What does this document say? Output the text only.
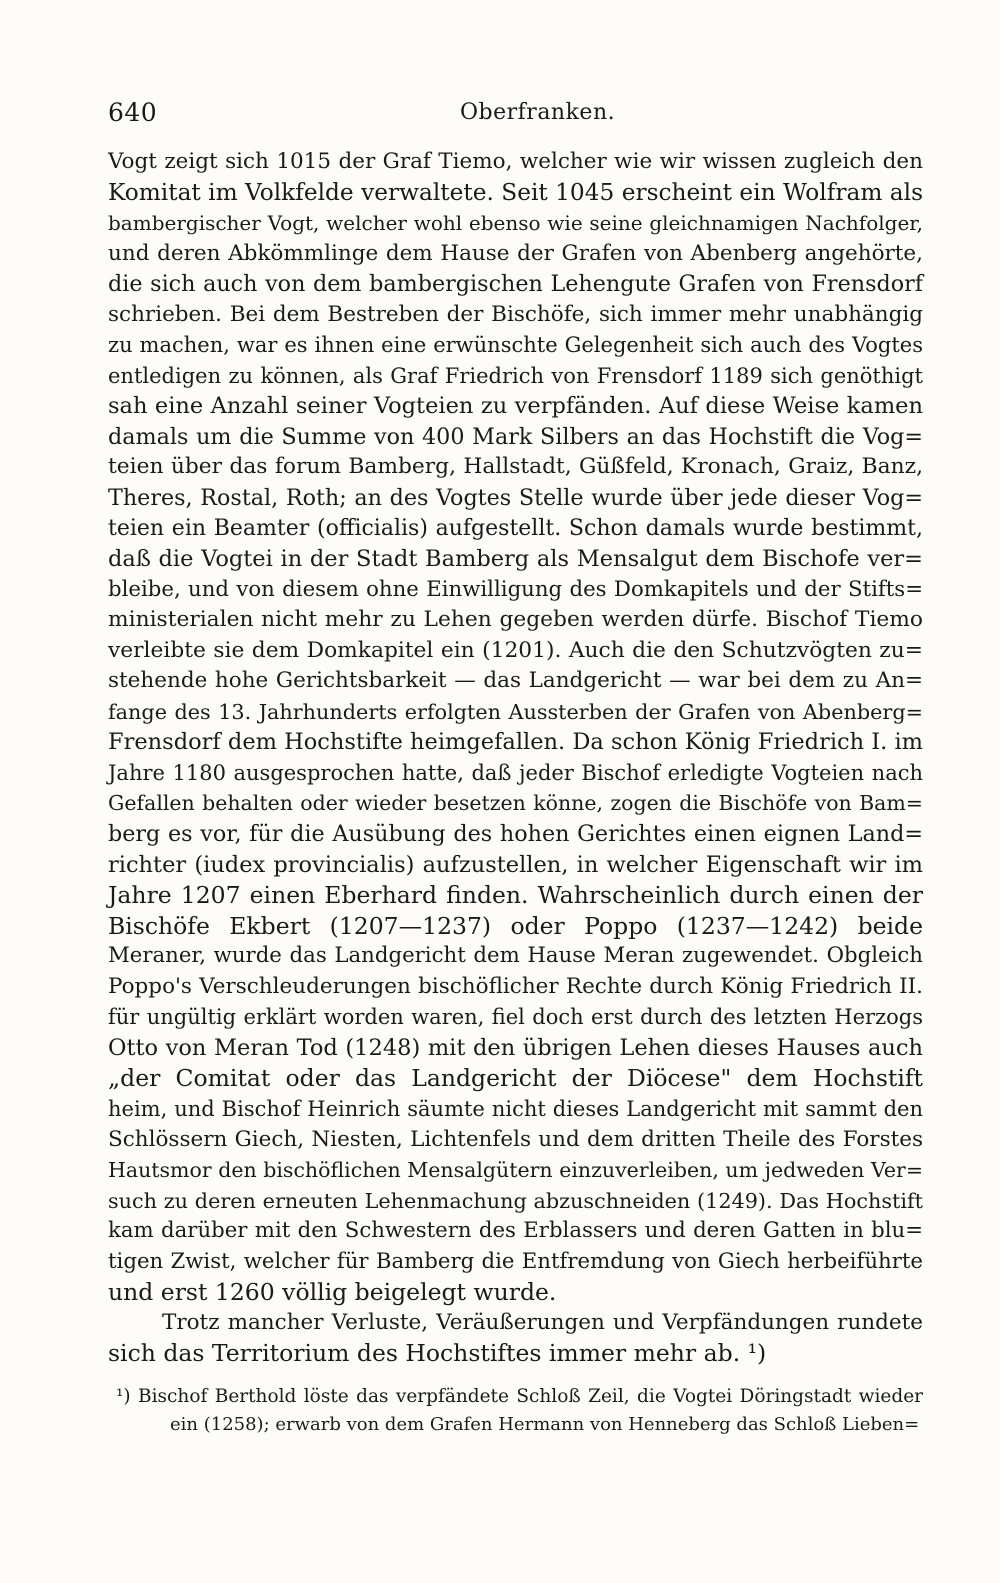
640	Oberfranken.
Vogt zeigt sich 1015 der Graf Tiemo, welcher wie wir wissen zugleich den
Komitat im Volkfelde verwaltete. Seit 1045 erscheint ein Wolfram als
bambergischer Vogt, welcher wohl ebenso wie seine gleichnamigen Nachfolger,
und deren Abkömmlinge dem Hause der Grafen von Abenberg angehörte,
die sich auch von dem bambergischen Lehengute Grafen von Frensdorf
schrieben. Bei dem Bestreben der Bischöfe, sich immer mehr unabhängig
zu machen, war es ihnen eine erwünschte Gelegenheit sich auch des Vogtes
entledigen zu können, als Graf Friedrich von Frensdorf 1189 sich genöthigt
sah eine Anzahl seiner Vogteien zu verpfänden. Auf diese Weise kamen
damals um die Summe von 400 Mark Silbers an das Hochstift die Vog=
teien über das forum Bamberg, Hallstadt, Güßfeld, Kronach, Graiz, Banz,
Theres, Rostal, Roth; an des Vogtes Stelle wurde über jede dieser Vog=
teien ein Beamter (officialis) aufgestellt. Schon damals wurde bestimmt,
daß die Vogtei in der Stadt Bamberg als Mensalgut dem Bischofe ver=
bleibe, und von diesem ohne Einwilligung des Domkapitels und der Stifts=
ministerialen nicht mehr zu Lehen gegeben werden dürfe. Bischof Tiemo
verleibte sie dem Domkapitel ein (1201). Auch die den Schutzvögten zu=
stehende hohe Gerichtsbarkeit — das Landgericht — war bei dem zu An=
fange des 13. Jahrhunderts erfolgten Aussterben der Grafen von Abenberg=
Frensdorf dem Hochstifte heimgefallen. Da schon König Friedrich I. im
Jahre 1180 ausgesprochen hatte, daß jeder Bischof erledigte Vogteien nach
Gefallen behalten oder wieder besetzen könne, zogen die Bischöfe von Bam=
berg es vor, für die Ausübung des hohen Gerichtes einen eignen Land=
richter (iudex provincialis) aufzustellen, in welcher Eigenschaft wir im
Jahre 1207 einen Eberhard finden. Wahrscheinlich durch einen der
Bischöfe Ekbert (1207—1237) oder Poppo (1237—1242) beide
Meraner, wurde das Landgericht dem Hause Meran zugewendet. Obgleich
Poppo's Verschleuderungen bischöflicher Rechte durch König Friedrich II.
für ungültig erklärt worden waren, fiel doch erst durch des letzten Herzogs
Otto von Meran Tod (1248) mit den übrigen Lehen dieses Hauses auch
„der Comitat oder das Landgericht der Diöcese" dem Hochstift
heim, und Bischof Heinrich säumte nicht dieses Landgericht mit sammt den
Schlössern Giech, Niesten, Lichtenfels und dem dritten Theile des Forstes
Hautsmor den bischöflichen Mensalgütern einzuverleiben, um jedweden Ver=
such zu deren erneuten Lehenmachung abzuschneiden (1249). Das Hochstift
kam darüber mit den Schwestern des Erblassers und deren Gatten in blu=
tigen Zwist, welcher für Bamberg die Entfremdung von Giech herbeiführte
und erst 1260 völlig beigelegt wurde.
Trotz mancher Verluste, Veräußerungen und Verpfändungen rundete
sich das Territorium des Hochstiftes immer mehr ab. ¹)
¹) Bischof Berthold löste das verpfändete Schloß Zeil, die Vogtei Döringstadt wieder
ein (1258); erwarb von dem Grafen Hermann von Henneberg das Schloß Lieben=
